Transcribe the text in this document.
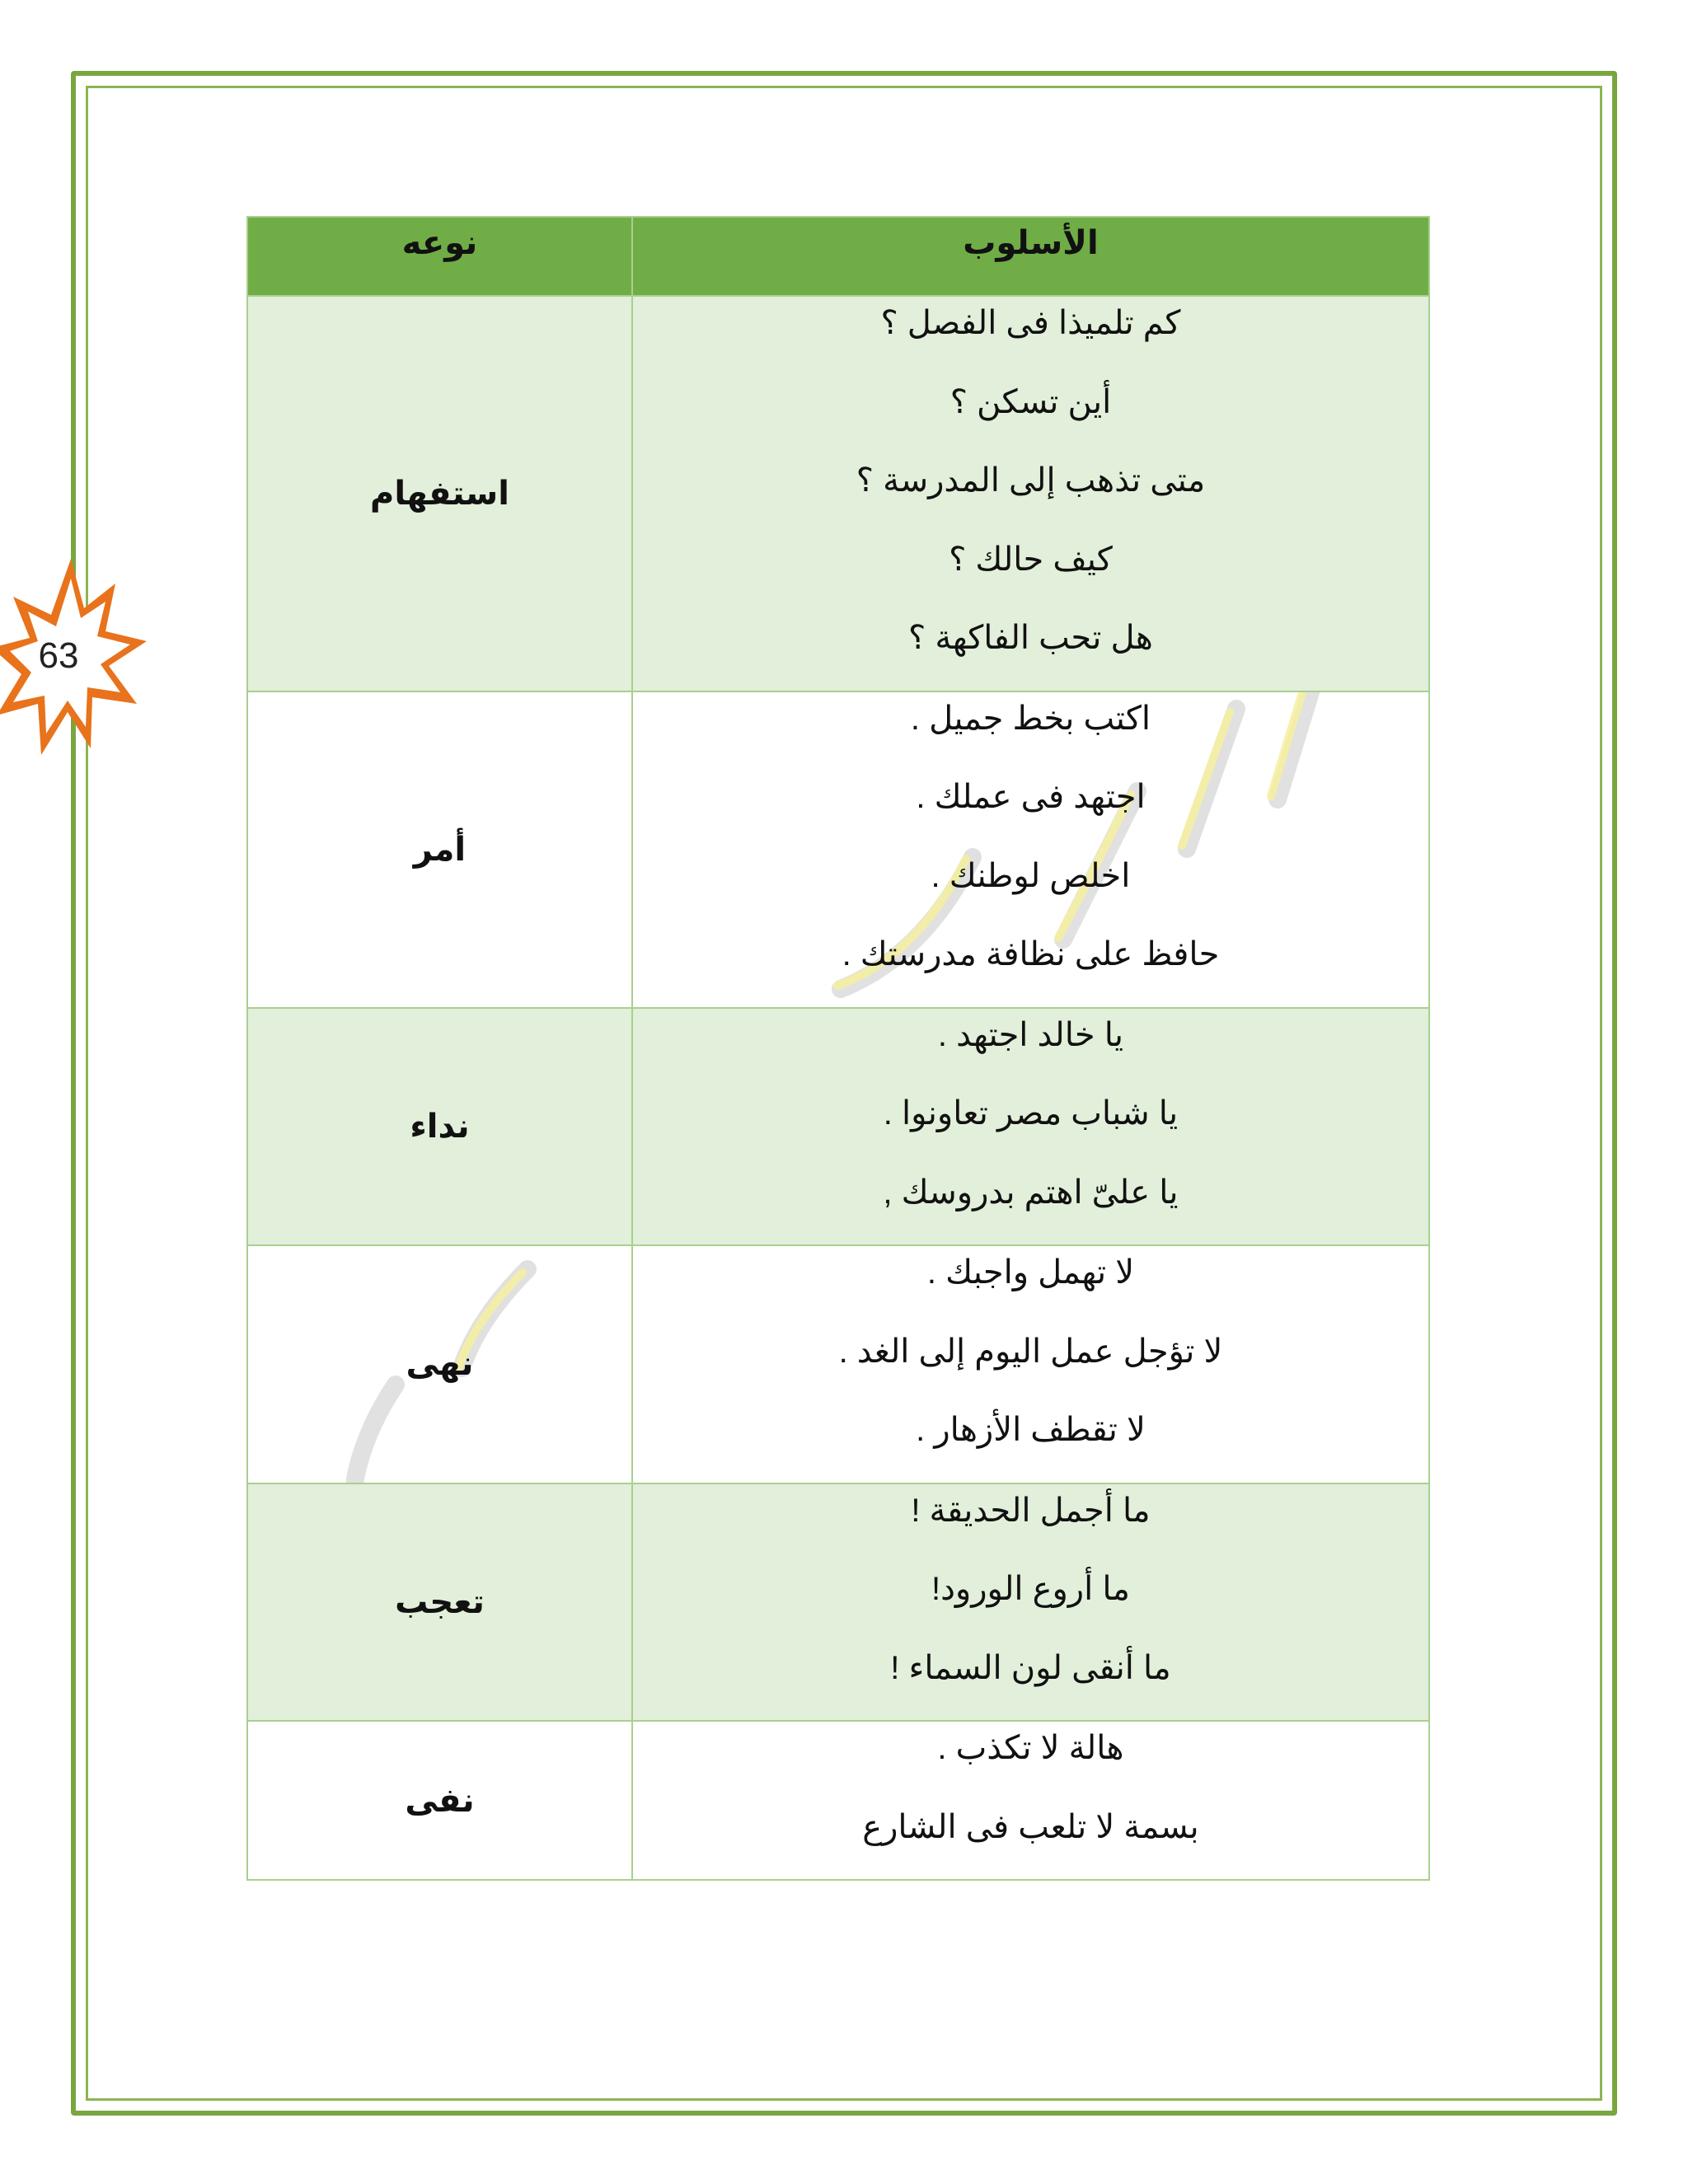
63
الأسلوب	نوعه

كم تلميذا فى الفصل ؟
أين تسكن ؟
متى تذهب إلى المدرسة ؟
كيف حالك ؟
هل تحب الفاكهة ؟	استفهام

اكتب بخط جميل .
اجتهد فى عملك .
اخلص لوطنك .
حافظ على نظافة مدرستك .	أمر

يا خالد اجتهد .
يا شباب مصر تعاونوا .
يا علىّ اهتم بدروسك ,	نداء

لا تهمل واجبك .
لا تؤجل عمل اليوم إلى الغد .
لا تقطف الأزهار .	نهى

ما أجمل الحديقة !
ما أروع الورود!
ما أنقى لون السماء !	تعجب

هالة لا تكذب .
بسمة لا تلعب فى الشارع	نفى
